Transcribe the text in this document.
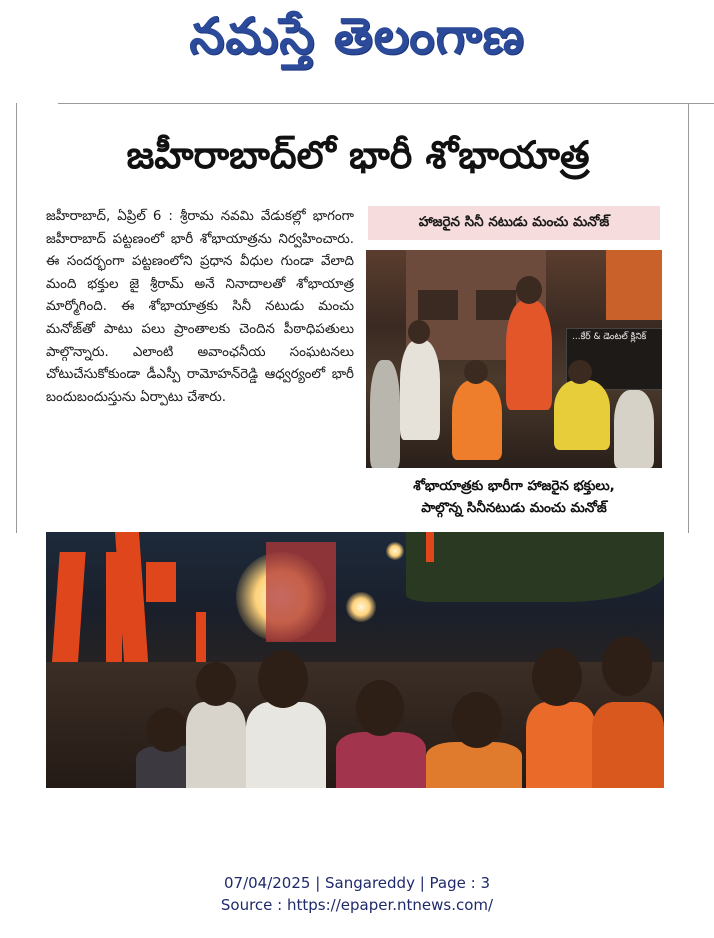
నమస్తే తెలంగాణ
జహీరాబాద్‌లో భారీ శోభాయాత్ర
జహీరాబాద్, ఏప్రిల్ 6 : శ్రీరామ నవమి వేడుకల్లో భాగంగా జహీరాబాద్ పట్టణంలో భారీ శోభాయాత్రను నిర్వహించారు. ఈ సందర్భంగా పట్టణంలోని ప్రధాన వీధుల గుండా వేలాది మంది భక్తుల జై శ్రీరామ్ అనే నినాదాలతో శోభాయాత్ర మార్మోగింది. ఈ శోభాయాత్రకు సినీ నటుడు మంచు మనోజ్‌తో పాటు పలు ప్రాంతాలకు చెందిన పీఠాధిపతులు పాల్గొన్నారు. ఎలాంటి అవాంఛనీయ సంఘటనలు చోటుచేసుకోకుండా డీఎస్పీ రామోహన్‌రెడ్డి ఆధ్వర్యంలో భారీ బందుబందుస్తును ఏర్పాటు చేశారు.
హాజరైన సినీ నటుడు మంచు మనోజ్
...కేర్ & డెంటల్ క్లినిక్
శోభాయాత్రకు భారీగా హాజరైన భక్తులు,
పాల్గొన్న సినీనటుడు మంచు మనోజ్
07/04/2025 | Sangareddy | Page : 3
Source : https://epaper.ntnews.com/
